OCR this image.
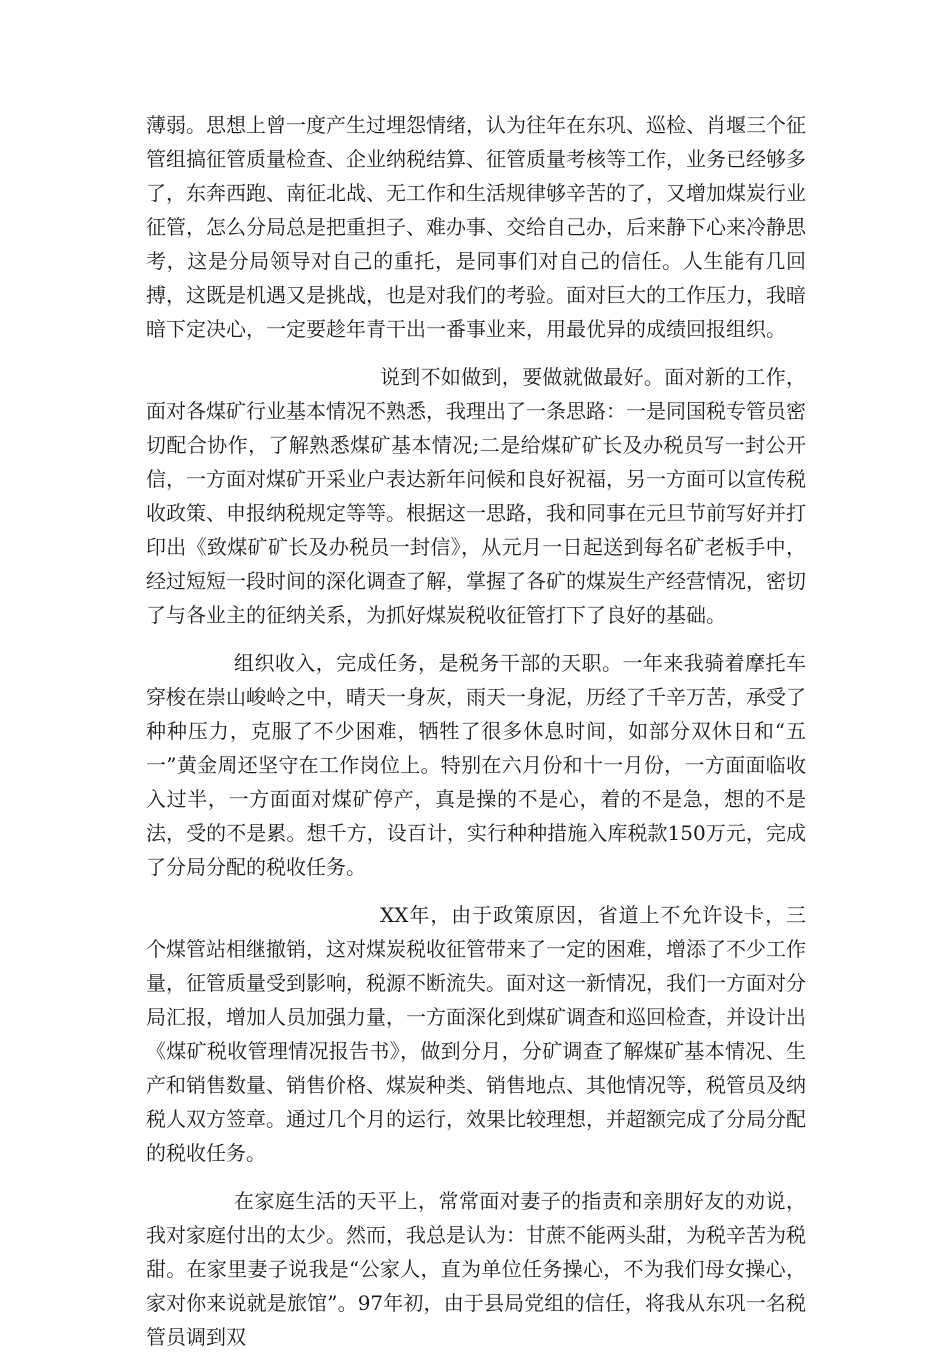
薄弱。思想上曾一度产生过埋怨情绪，认为往年在东巩、巡检、肖堰三个征管组搞征管质量检查、企业纳税结算、征管质量考核等工作，业务已经够多了，东奔西跑、南征北战、无工作和生活规律够辛苦的了，又增加煤炭行业征管，怎么分局总是把重担子、难办事、交给自己办，后来静下心来冷静思考，这是分局领导对自己的重托，是同事们对自己的信任。人生能有几回搏，这既是机遇又是挑战，也是对我们的考验。面对巨大的工作压力，我暗暗下定决心，一定要趁年青干出一番事业来，用最优异的成绩回报组织。

说到不如做到，要做就做最好。面对新的工作，面对各煤矿行业基本情况不熟悉，我理出了一条思路：一是同国税专管员密切配合协作，了解熟悉煤矿基本情况;二是给煤矿矿长及办税员写一封公开信，一方面对煤矿开采业户表达新年问候和良好祝福，另一方面可以宣传税收政策、申报纳税规定等等。根据这一思路，我和同事在元旦节前写好并打印出《致煤矿矿长及办税员一封信》，从元月一日起送到每名矿老板手中，经过短短一段时间的深化调查了解，掌握了各矿的煤炭生产经营情况，密切了与各业主的征纳关系，为抓好煤炭税收征管打下了良好的基础。

组织收入，完成任务，是税务干部的天职。一年来我骑着摩托车穿梭在崇山峻岭之中，晴天一身灰，雨天一身泥，历经了千辛万苦，承受了种种压力，克服了不少困难，牺牲了很多休息时间，如部分双休日和“五一”黄金周还坚守在工作岗位上。特别在六月份和十一月份，一方面面临收入过半，一方面面对煤矿停产，真是操的不是心，着的不是急，想的不是法，受的不是累。想千方，设百计，实行种种措施入库税款150万元，完成了分局分配的税收任务。

XX年，由于政策原因，省道上不允许设卡，三个煤管站相继撤销，这对煤炭税收征管带来了一定的困难，增添了不少工作量，征管质量受到影响，税源不断流失。面对这一新情况，我们一方面对分局汇报，增加人员加强力量，一方面深化到煤矿调查和巡回检查，并设计出《煤矿税收管理情况报告书》，做到分月，分矿调查了解煤矿基本情况、生产和销售数量、销售价格、煤炭种类、销售地点、其他情况等，税管员及纳税人双方签章。通过几个月的运行，效果比较理想，并超额完成了分局分配的税收任务。

在家庭生活的天平上，常常面对妻子的指责和亲朋好友的劝说，我对家庭付出的太少。然而，我总是认为：甘蔗不能两头甜，为税辛苦为税甜。在家里妻子说我是“公家人，直为单位任务操心，不为我们母女操心，家对你来说就是旅馆”。97年初，由于县局党组的信任，将我从东巩一名税管员调到双
